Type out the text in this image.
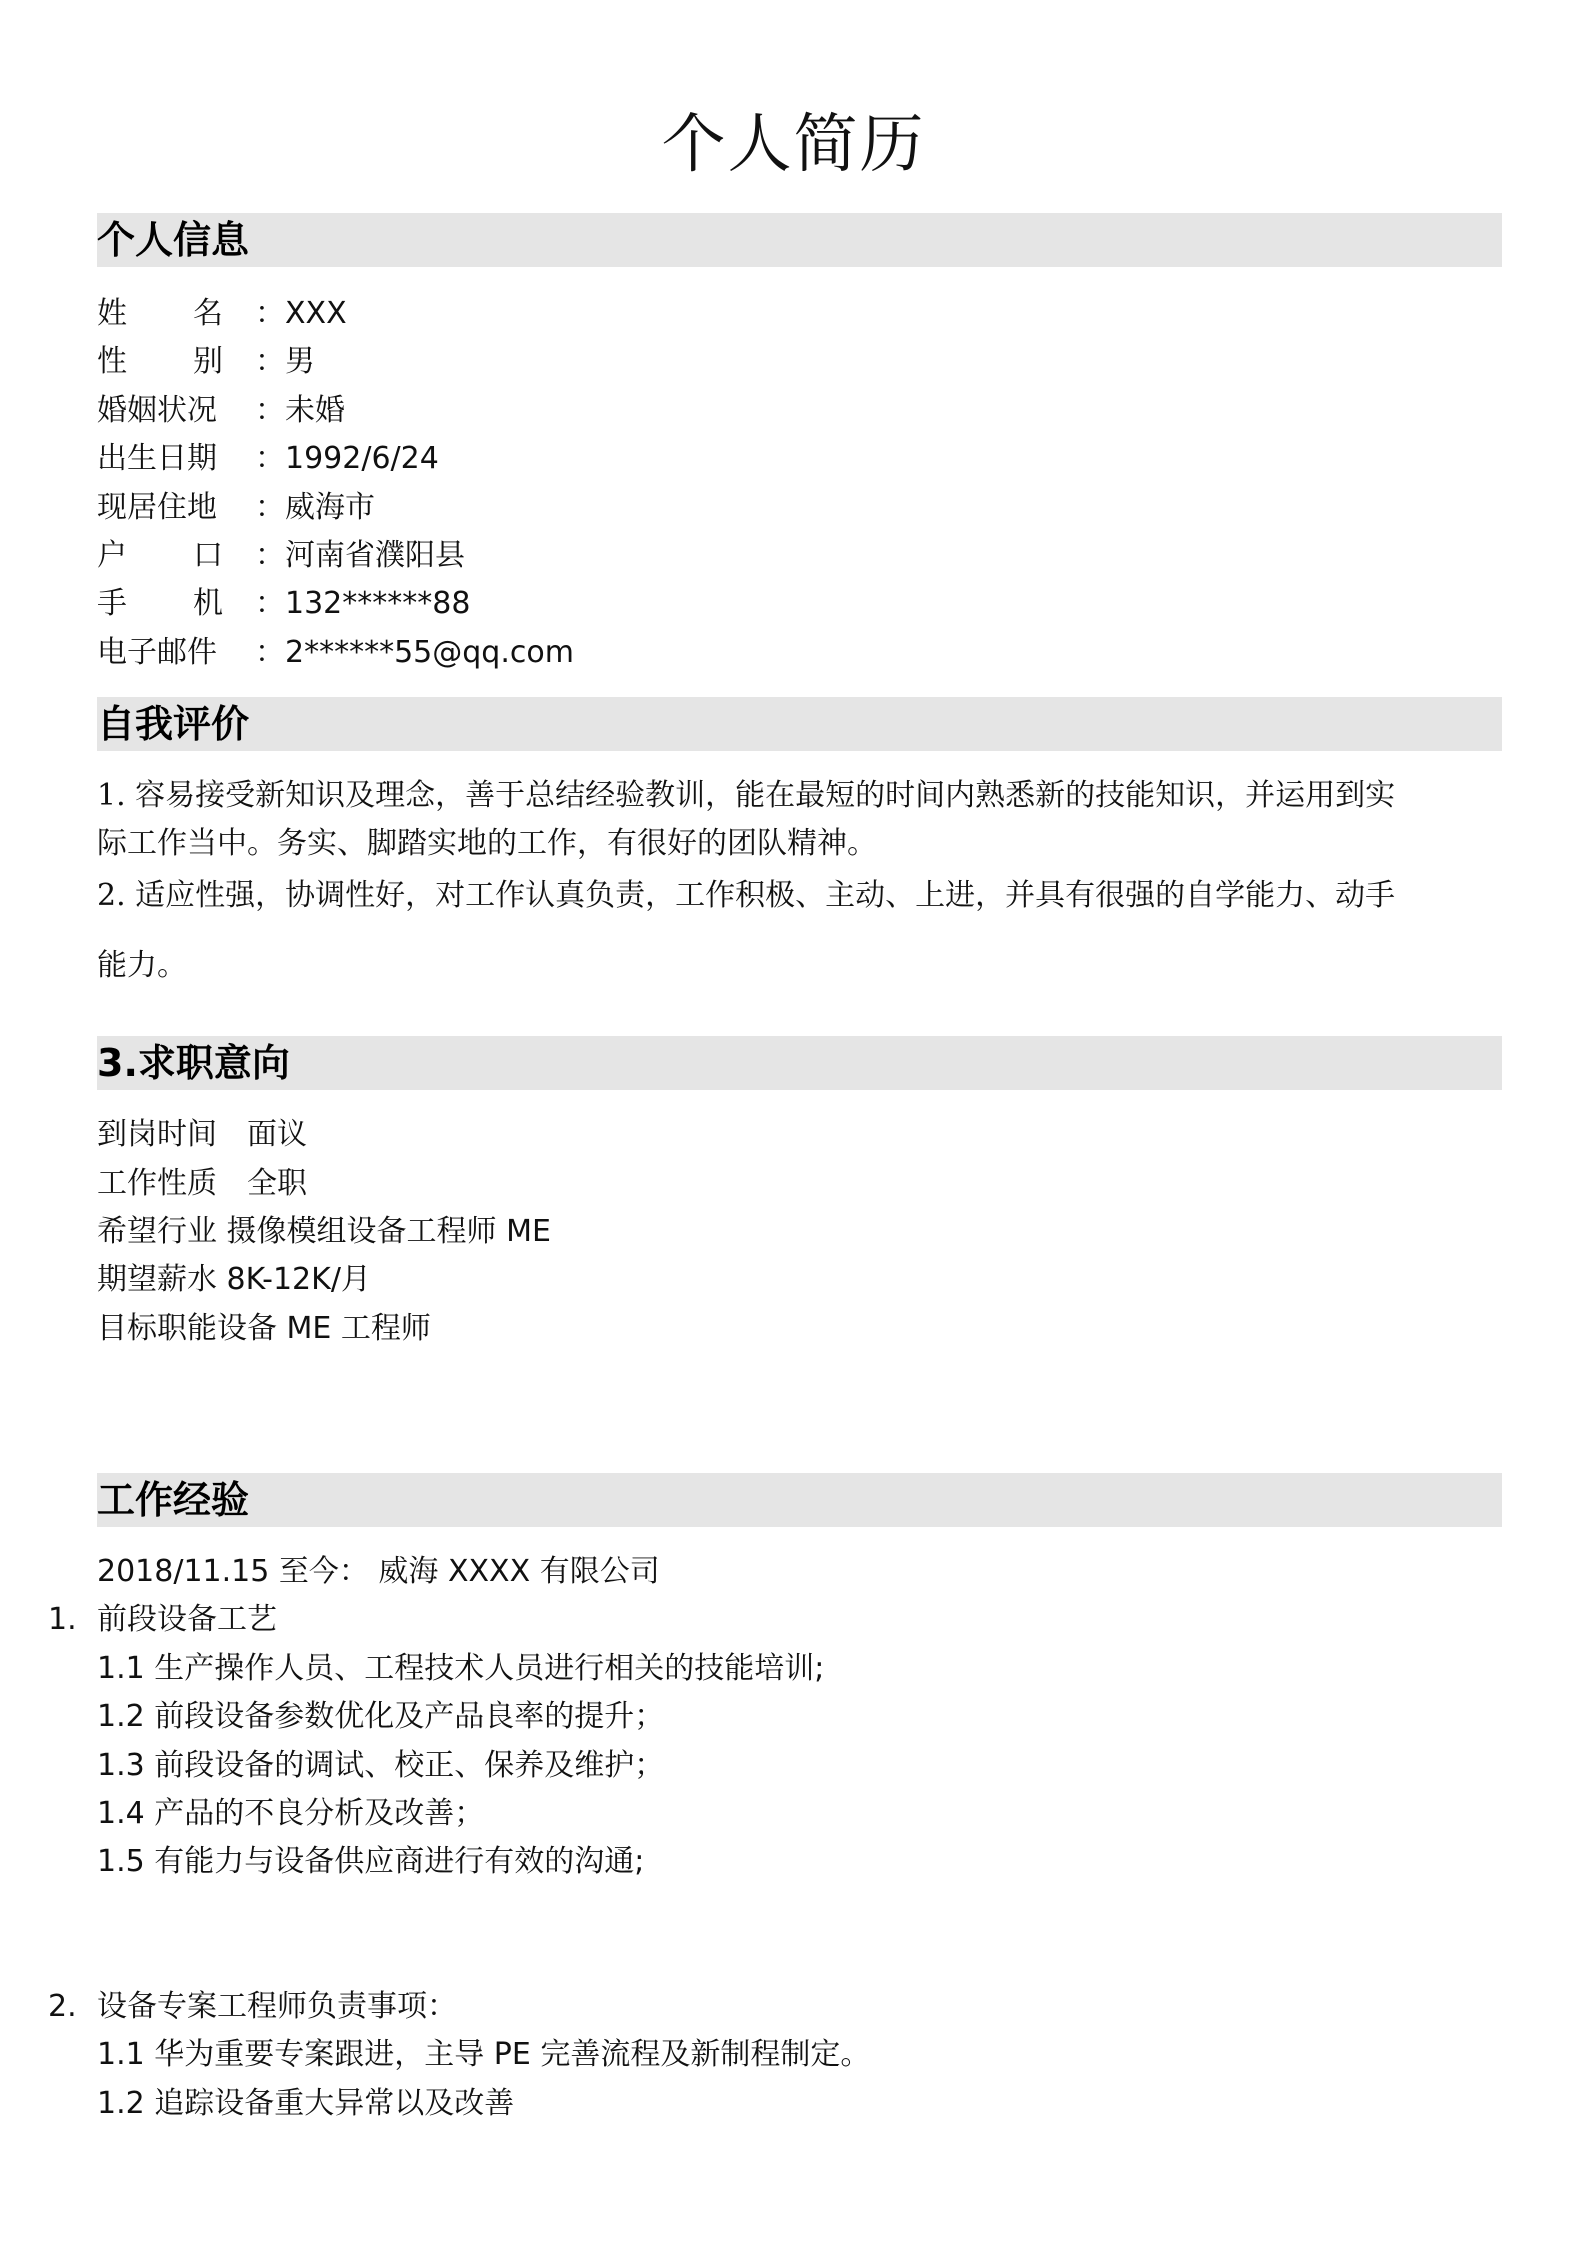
个人简历
个人信息
姓 名 ：XXX
性 别 ：男
婚姻状况 ：未婚
出生日期 ：1992/6/24
现居住地 ：威海市
户 口 ：河南省濮阳县
手 机 ：132******88
电子邮件 ：2******55@qq.com
自我评价
1. 容易接受新知识及理念，善于总结经验教训，能在最短的时间内熟悉新的技能知识，并运用到实
际工作当中。务实、脚踏实地的工作，有很好的团队精神。
2. 适应性强，协调性好，对工作认真负责，工作积极、主动、上进，并具有很强的自学能力、动手
能力。
3.求职意向
到岗时间　面议
工作性质　全职
希望行业 摄像模组设备工程师 ME
期望薪水 8K-12K/月
目标职能设备 ME 工程师
工作经验
2018/11.15 至今： 威海 XXXX 有限公司
1. 前段设备工艺
1.1 生产操作人员、工程技术人员进行相关的技能培训;
1.2 前段设备参数优化及产品良率的提升；
1.3 前段设备的调试、校正、保养及维护；
1.4 产品的不良分析及改善；
1.5 有能力与设备供应商进行有效的沟通;
2. 设备专案工程师负责事项：
1.1 华为重要专案跟进，主导 PE 完善流程及新制程制定。
1.2 追踪设备重大异常以及改善
